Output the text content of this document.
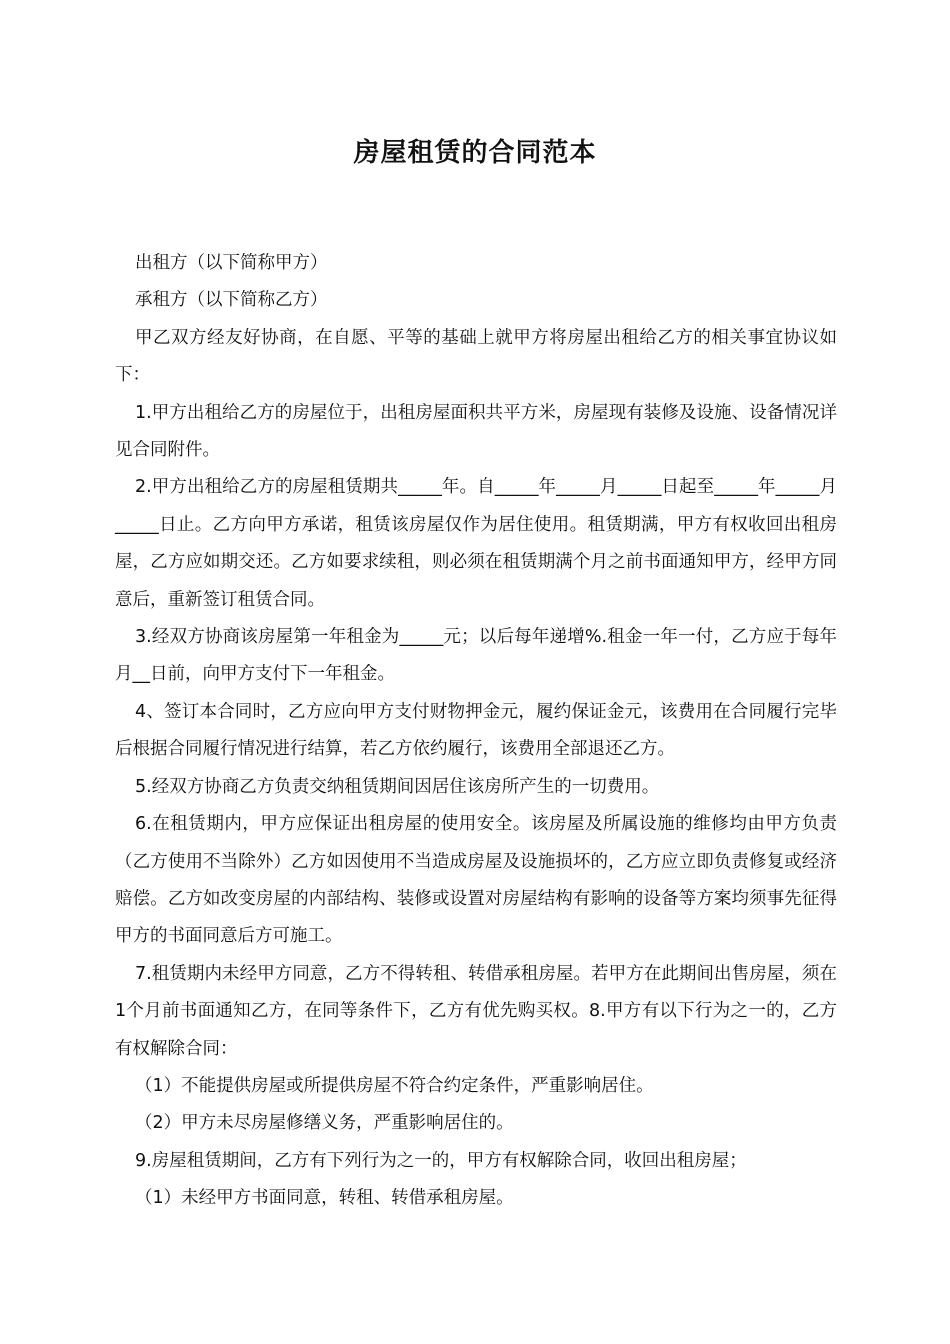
房屋租赁的合同范本

出租方（以下简称甲方）

承租方（以下简称乙方）

甲乙双方经友好协商，在自愿、平等的基础上就甲方将房屋出租给乙方的相关事宜协议如下：

1.甲方出租给乙方的房屋位于，出租房屋面积共平方米，房屋现有装修及设施、设备情况详见合同附件。

2.甲方出租给乙方的房屋租赁期共_____年。自_____年_____月_____日起至_____年_____月_____日止。乙方向甲方承诺，租赁该房屋仅作为居住使用。租赁期满，甲方有权收回出租房屋，乙方应如期交还。乙方如要求续租，则必须在租赁期满个月之前书面通知甲方，经甲方同意后，重新签订租赁合同。

3.经双方协商该房屋第一年租金为_____元；以后每年递增%.租金一年一付，乙方应于每年月__日前，向甲方支付下一年租金。

4、签订本合同时，乙方应向甲方支付财物押金元，履约保证金元，该费用在合同履行完毕后根据合同履行情况进行结算，若乙方依约履行，该费用全部退还乙方。

5.经双方协商乙方负责交纳租赁期间因居住该房所产生的一切费用。

6.在租赁期内，甲方应保证出租房屋的使用安全。该房屋及所属设施的维修均由甲方负责（乙方使用不当除外）乙方如因使用不当造成房屋及设施损坏的，乙方应立即负责修复或经济赔偿。乙方如改变房屋的内部结构、装修或设置对房屋结构有影响的设备等方案均须事先征得甲方的书面同意后方可施工。

7.租赁期内未经甲方同意，乙方不得转租、转借承租房屋。若甲方在此期间出售房屋，须在1个月前书面通知乙方，在同等条件下，乙方有优先购买权。8.甲方有以下行为之一的，乙方有权解除合同：

（1）不能提供房屋或所提供房屋不符合约定条件，严重影响居住。

（2）甲方未尽房屋修缮义务，严重影响居住的。

9.房屋租赁期间，乙方有下列行为之一的，甲方有权解除合同，收回出租房屋；

（1）未经甲方书面同意，转租、转借承租房屋。
